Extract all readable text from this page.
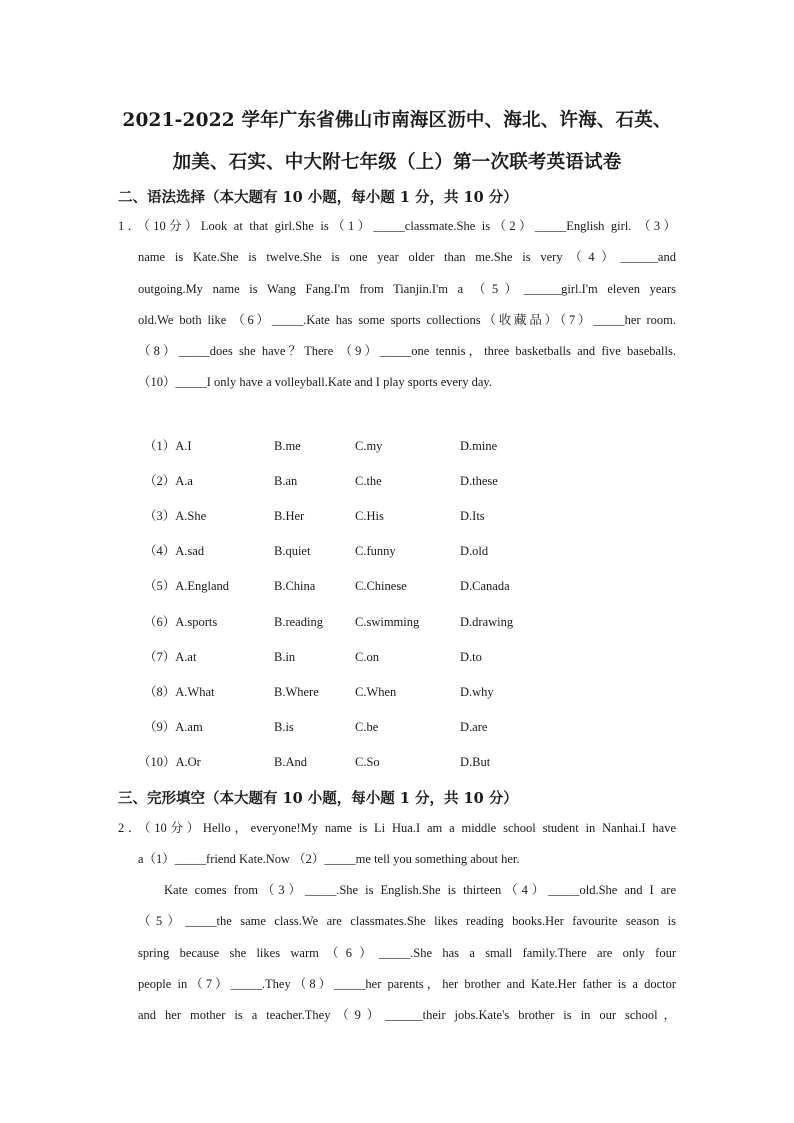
2021-2022 学年广东省佛山市南海区沥中、海北、许海、石英、
加美、石实、中大附七年级（上）第一次联考英语试卷
二、语法选择（本大题有 10 小题，每小题 1 分，共 10 分）
1．（10分）Look at that girl.She is（1）_____classmate.She is（2）_____English girl. （3）
name is Kate.She is twelve.She is one year older than me.She is very（4）______and
outgoing.My name is Wang Fang.I'm from Tianjin.I'm a （5）______girl.I'm eleven years
old.We both like （6）_____.Kate has some sports collections（收藏品）（7）_____her room.
（8）_____does she have？There （9）_____one tennis，three basketballs and five baseballs.
（10）_____I only have a volleyball.Kate and I play sports every day.
（1）A.I	B.me	C.my	D.mine
（2）A.a	B.an	C.the	D.these
（3）A.She	B.Her	C.His	D.Its
（4）A.sad	B.quiet	C.funny	D.old
（5）A.England	B.China	C.Chinese	D.Canada
（6）A.sports	B.reading	C.swimming	D.drawing
（7）A.at	B.in	C.on	D.to
（8）A.What	B.Where	C.When	D.why
（9）A.am	B.is	C.be	D.are
（10）A.Or	B.And	C.So	D.But
三、完形填空（本大题有 10 小题，每小题 1 分，共 10 分）
2．（10分）Hello，everyone!My name is Li Hua.I am a middle school student in Nanhai.I have
a（1）_____friend Kate.Now （2）_____me tell you something about her.
Kate comes from（3）_____.She is English.She is thirteen（4）_____old.She and I are
（5）_____the same class.We are classmates.She likes reading books.Her favourite season is
spring because she likes warm（6）_____.She has a small family.There are only four
people in（7）_____.They（8）_____her parents，her brother and Kate.Her father is a doctor
and her mother is a teacher.They（9）______their jobs.Kate's brother is in our school，
